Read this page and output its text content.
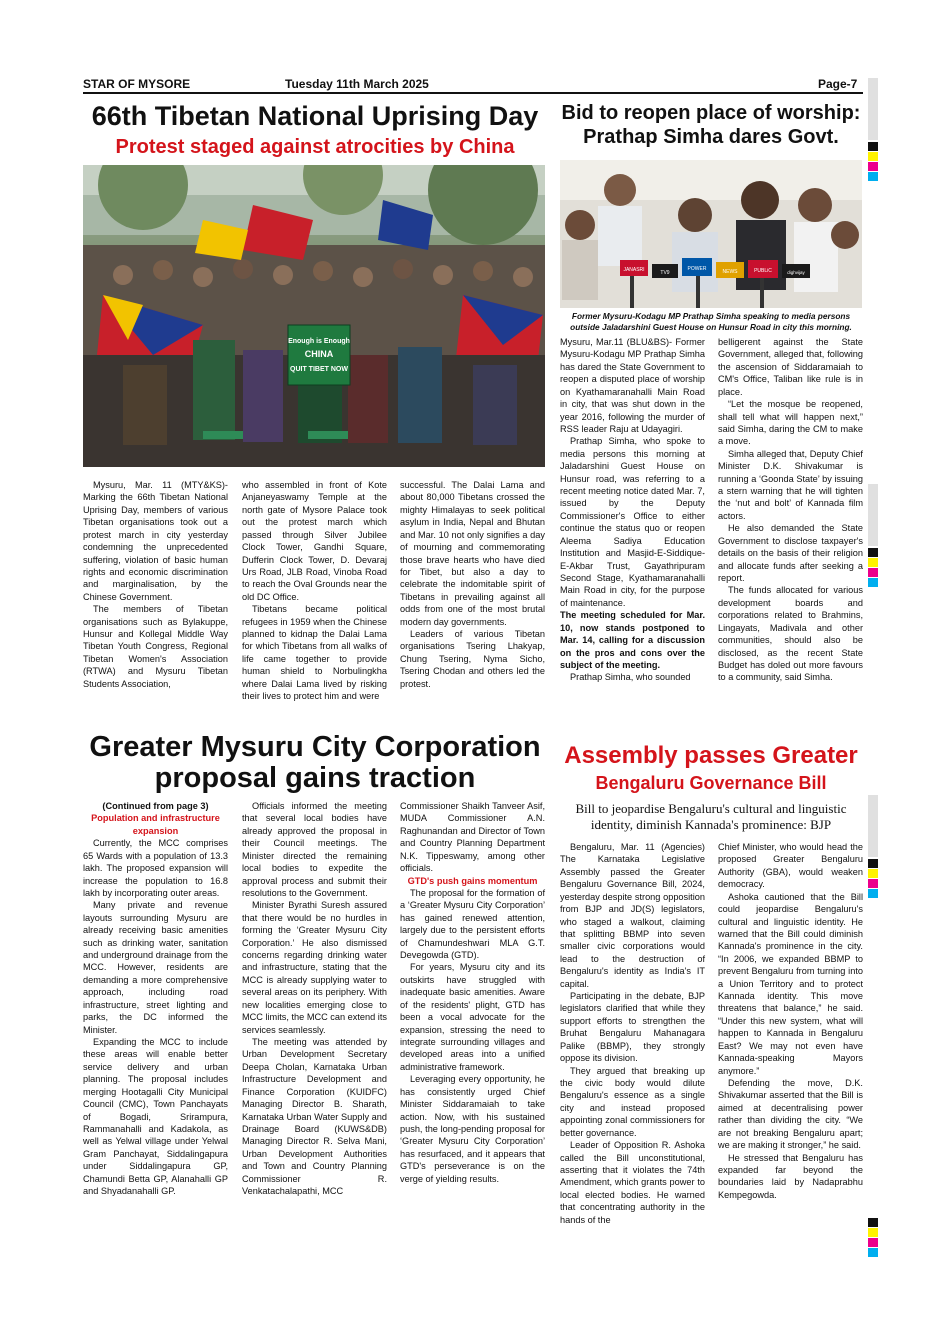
STAR OF MYSORE	Tuesday 11th March 2025	Page-7
66th Tibetan National Uprising Day
Protest staged against atrocities by China
Enough is Enough
CHINA
QUIT TIBET NOW

Mysuru, Mar. 11 (MTY&KS)- Marking the 66th Tibetan National Uprising Day, members of various Tibetan organisations took out a protest march in city yesterday condemning the unprecedented suffering, violation of basic human rights and economic discrimination and marginalisation, by the Chinese Government.

The members of Tibetan organisations such as Bylakuppe, Hunsur and Kollegal Middle Way Tibetan Youth Congress, Regional Tibetan Women's Association (RTWA) and Mysuru Tibetan Students Association,

who assembled in front of Kote Anjaneyaswamy Temple at the north gate of Mysore Palace took out the protest march which passed through Silver Jubilee Clock Tower, Gandhi Square, Dufferin Clock Tower, D. Devaraj Urs Road, JLB Road, Vinoba Road to reach the Oval Grounds near the old DC Office.

Tibetans became political refugees in 1959 when the Chinese planned to kidnap the Dalai Lama for which Tibetans from all walks of life came together to provide human shield to Norbulingkha where Dalai Lama lived by risking their lives to protect him and were

successful. The Dalai Lama and about 80,000 Tibetans crossed the mighty Himalayas to seek political asylum in India, Nepal and Bhutan and Mar. 10 not only signifies a day of mourning and commemorating those brave hearts who have died for Tibet, but also a day to celebrate the indomitable spirit of Tibetans in prevailing against all odds from one of the most brutal modern day governments.

Leaders of various Tibetan organisations Tsering Lhakyap, Chung Tsering, Nyma Sicho, Tsering Chodan and others led the protest.

Bid to reopen place of worship:
Prathap Simha dares Govt.
JANASRI	TV9
POWER	NEWS	PUBLiC	dighvijay
Former Mysuru-Kodagu MP Prathap Simha speaking to media persons outside Jaladarshini Guest House on Hunsur Road in city this morning.

Mysuru, Mar.11 (BLU&BS)- Former Mysuru-Kodagu MP Prathap Simha has dared the State Government to reopen a disputed place of worship on Kyathamaranahalli Main Road in city, that was shut down in the year 2016, following the murder of RSS leader Raju at Udayagiri.

Prathap Simha, who spoke to media persons this morning at Jaladarshini Guest House on Hunsur road, was referring to a recent meeting notice dated Mar. 7, issued by the Deputy Commissioner's Office to either continue the status quo or reopen Aleema Sadiya Education Institution and Masjid-E-Siddique-E-Akbar Trust, Gayathripuram Second Stage, Kyathamaranahalli Main Road in city, for the purpose of maintenance.

The meeting scheduled for Mar. 10, now stands postponed to Mar. 14, calling for a discussion on the pros and cons over the subject of the meeting.

Prathap Simha, who sounded

belligerent against the State Government, alleged that, following the ascension of Siddaramaiah to CM's Office, Taliban like rule is in place.

“Let the mosque be reopened, shall tell what will happen next,” said Simha, daring the CM to make a move.

Simha alleged that, Deputy Chief Minister D.K. Shivakumar is running a ‘Goonda State’ by issuing a stern warning that he will tighten the ‘nut and bolt’ of Kannada film actors.

He also demanded the State Government to disclose taxpayer's details on the basis of their religion and allocate funds after seeking a report.

The funds allocated for various development boards and corporations related to Brahmins, Lingayats, Madivala and other communities, should also be disclosed, as the recent State Budget has doled out more favours to a community, said Simha.

Greater Mysuru City Corporation
proposal gains traction

(Continued from page 3)

Population and infrastructure expansion

Currently, the MCC comprises 65 Wards with a population of 13.3 lakh. The proposed expansion will increase the population to 16.8 lakh by incorporating outer areas.

Many private and revenue layouts surrounding Mysuru are already receiving basic amenities such as drinking water, sanitation and underground drainage from the MCC. However, residents are demanding a more comprehensive approach, including road infrastructure, street lighting and parks, the DC informed the Minister.

Expanding the MCC to include these areas will enable better service delivery and urban planning. The proposal includes merging Hootagalli City Municipal Council (CMC), Town Panchayats of Bogadi, Srirampura, Rammanahalli and Kadakola, as well as Yelwal village under Yelwal Gram Panchayat, Siddalingapura under Siddalingapura GP, Chamundi Betta GP, Alanahalli GP and Shyadanahalli GP.

Officials informed the meeting that several local bodies have already approved the proposal in their Council meetings. The Minister directed the remaining local bodies to expedite the approval process and submit their resolutions to the Government.

Minister Byrathi Suresh assured that there would be no hurdles in forming the ‘Greater Mysuru City Corporation.’ He also dismissed concerns regarding drinking water and infrastructure, stating that the MCC is already supplying water to several areas on its periphery. With new localities emerging close to MCC limits, the MCC can extend its services seamlessly.

The meeting was attended by Urban Development Secretary Deepa Cholan, Karnataka Urban Infrastructure Development and Finance Corporation (KUIDFC) Managing Director B. Sharath, Karnataka Urban Water Supply and Drainage Board (KUWS&DB) Managing Director R. Selva Mani, Urban Development Authorities and Town and Country Planning Commissioner R. Venkatachalapathi, MCC

Commissioner Shaikh Tanveer Asif, MUDA Commissioner A.N. Raghunandan and Director of Town and Country Planning Department N.K. Tippeswamy, among other officials.

GTD's push gains momentum

The proposal for the formation of a ‘Greater Mysuru City Corporation’ has gained renewed attention, largely due to the persistent efforts of Chamundeshwari MLA G.T. Devegowda (GTD).

For years, Mysuru city and its outskirts have struggled with inadequate basic amenities. Aware of the residents' plight, GTD has been a vocal advocate for the expansion, stressing the need to integrate surrounding villages and developed areas into a unified administrative framework.

Leveraging every opportunity, he has consistently urged Chief Minister Siddaramaiah to take action. Now, with his sustained push, the long-pending proposal for ‘Greater Mysuru City Corporation’ has resurfaced, and it appears that GTD's perseverance is on the verge of yielding results.

Assembly passes Greater
Bengaluru Governance Bill
Bill to jeopardise Bengaluru's cultural and linguistic identity, diminish Kannada's prominence: BJP

Bengaluru, Mar. 11 (Agencies) The Karnataka Legislative Assembly passed the Greater Bengaluru Governance Bill, 2024, yesterday despite strong opposition from BJP and JD(S) legislators, who staged a walkout, claiming that splitting BBMP into seven smaller civic corporations would lead to the destruction of Bengaluru's identity as India's IT capital.

Participating in the debate, BJP legislators clarified that while they support efforts to strengthen the Bruhat Bengaluru Mahanagara Palike (BBMP), they strongly oppose its division.

They argued that breaking up the civic body would dilute Bengaluru's essence as a single city and instead proposed appointing zonal commissioners for better governance.

Leader of Opposition R. Ashoka called the Bill unconstitutional, asserting that it violates the 74th Amendment, which grants power to local elected bodies. He warned that concentrating authority in the hands of the

Chief Minister, who would head the proposed Greater Bengaluru Authority (GBA), would weaken democracy.

Ashoka cautioned that the Bill could jeopardise Bengaluru's cultural and linguistic identity. He warned that the Bill could diminish Kannada's prominence in the city. “In 2006, we expanded BBMP to prevent Bengaluru from turning into a Union Territory and to protect Kannada identity. This move threatens that balance,” he said. “Under this new system, what will happen to Kannada in Bengaluru East? We may not even have Kannada-speaking Mayors anymore.”

Defending the move, D.K. Shivakumar asserted that the Bill is aimed at decentralising power rather than dividing the city. “We are not breaking Bengaluru apart; we are making it stronger,” he said.

He stressed that Bengaluru has expanded far beyond the boundaries laid by Nadaprabhu Kempegowda.
